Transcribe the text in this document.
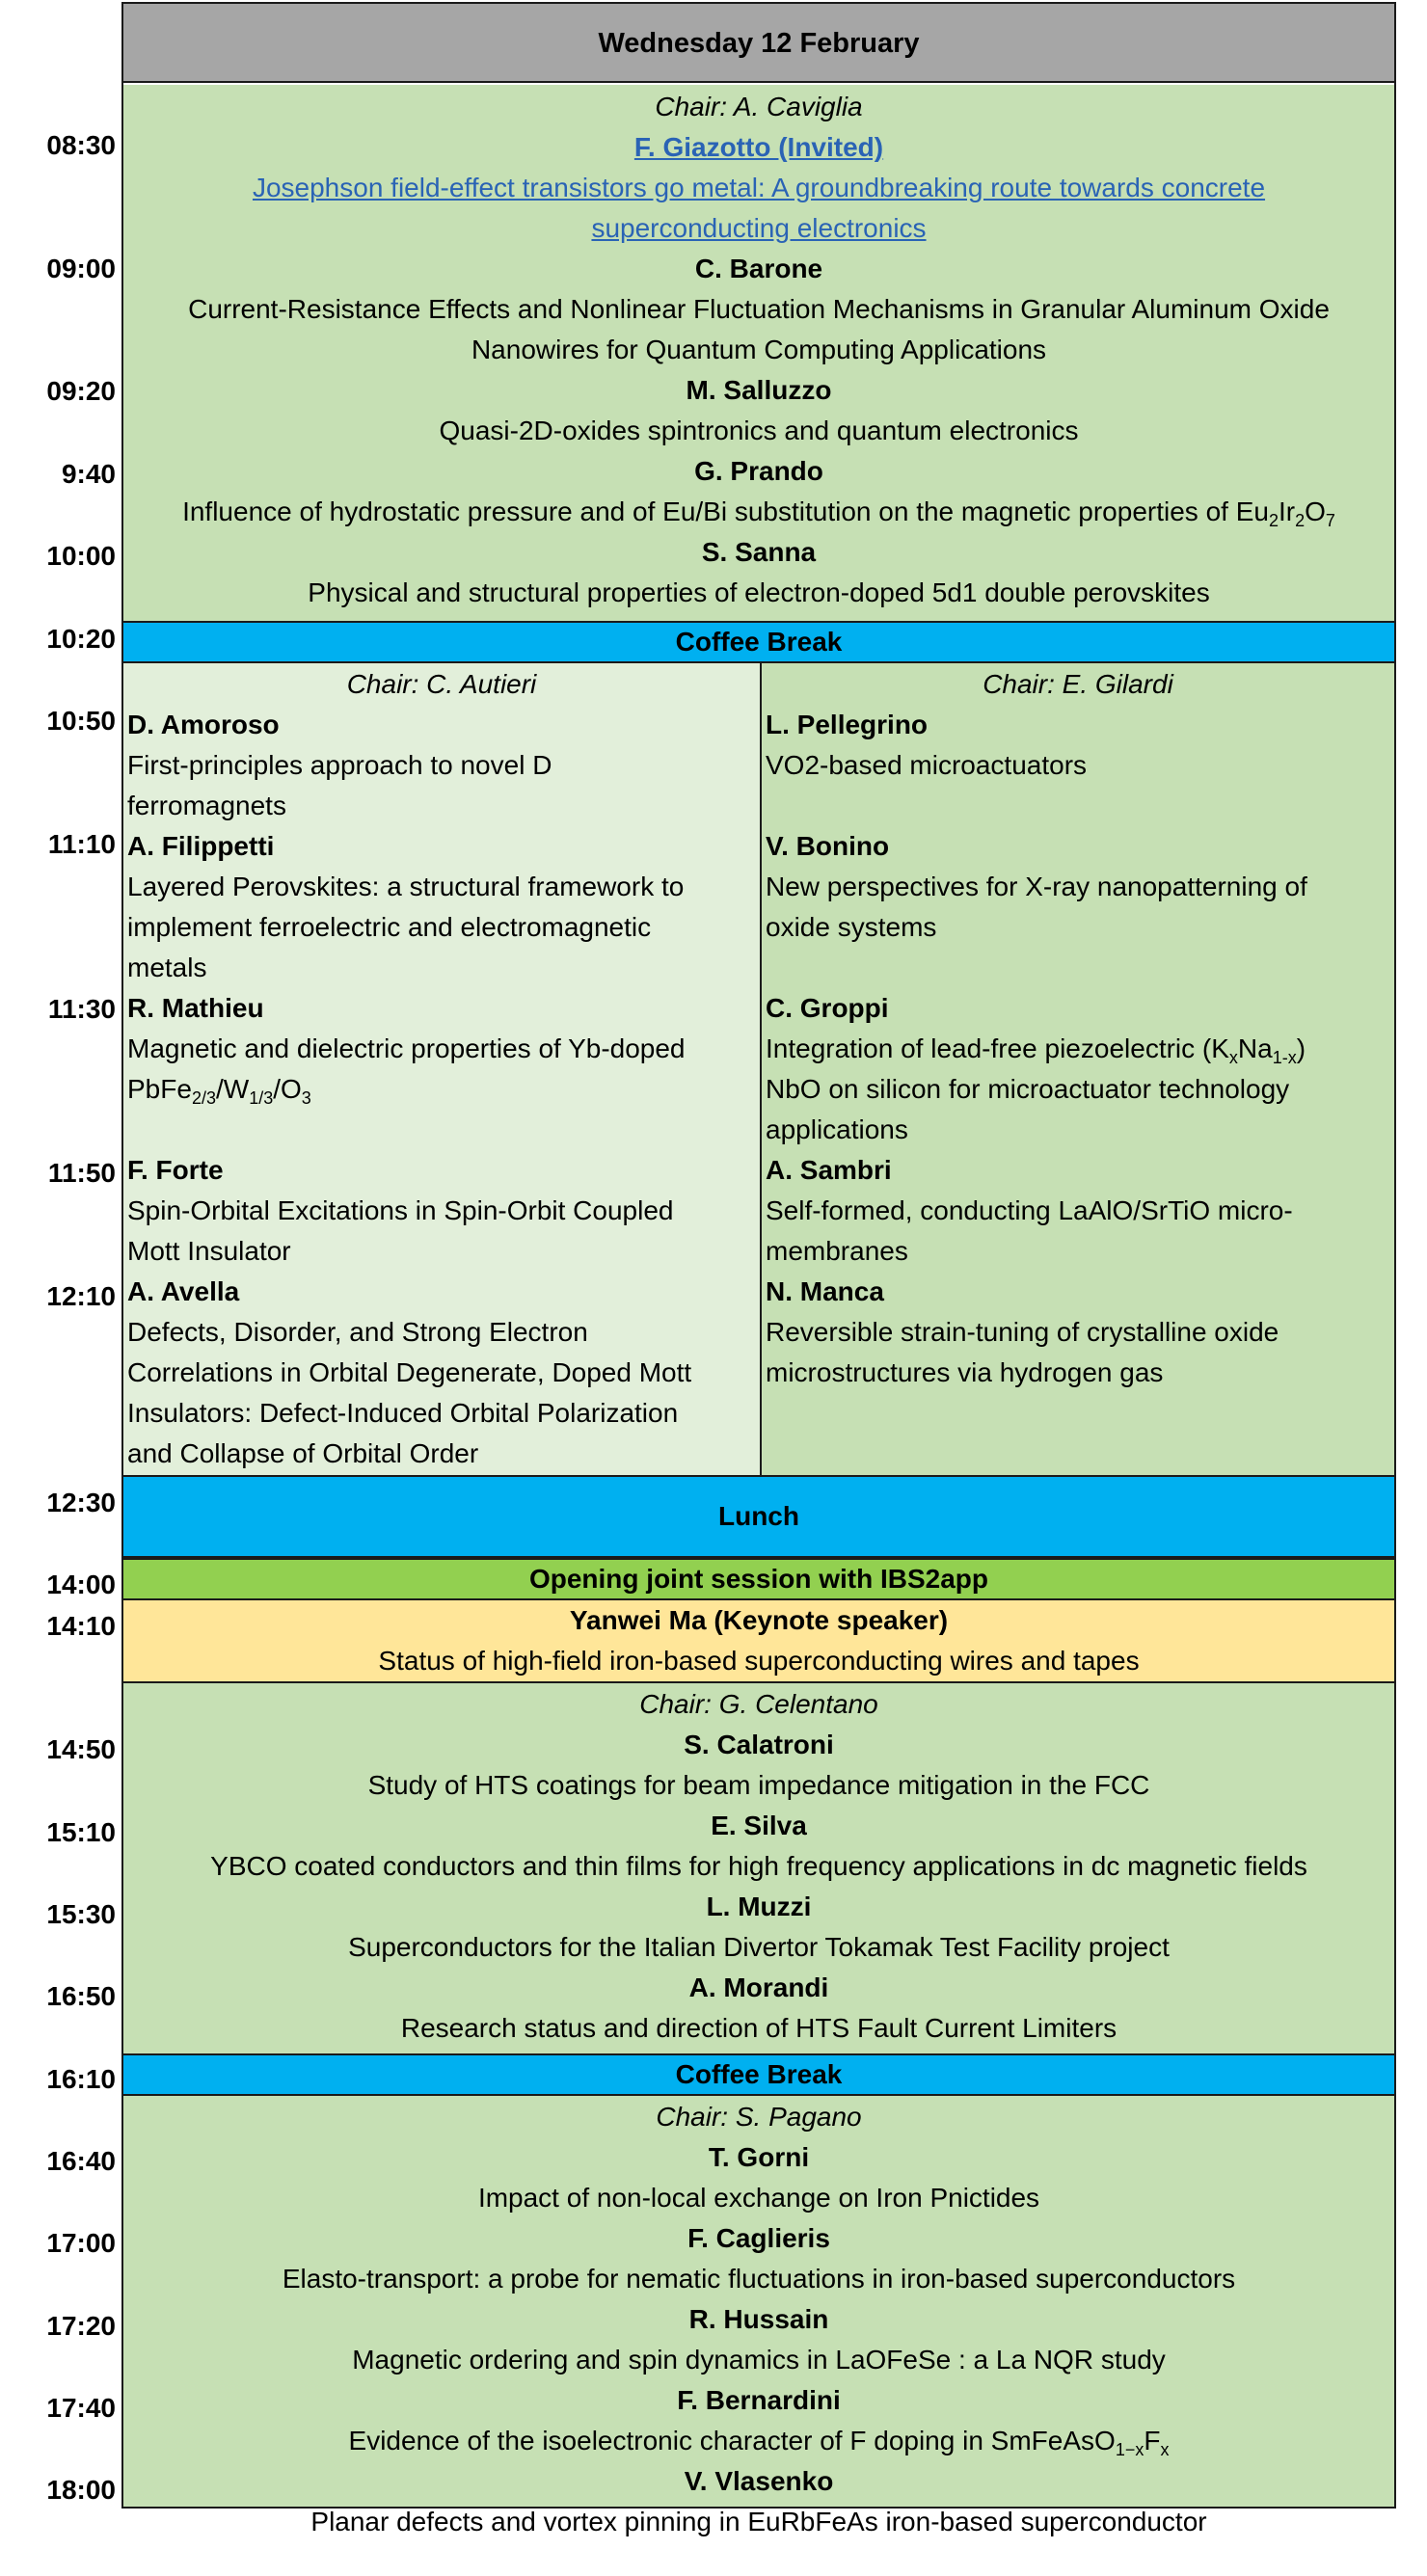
08:30
09:00
09:20
9:40
10:00
10:20
10:50
11:10
11:30
11:50
12:10
12:30
14:00
14:10
14:50
15:10
15:30
16:50
16:10
16:40
17:00
17:20
17:40
18:00
Wednesday 12 February
Chair: A. Caviglia
F. Giazotto (Invited)
Josephson field-effect transistors go metal: A groundbreaking route towards concrete
superconducting electronics
C. Barone
Current-Resistance Effects and Nonlinear Fluctuation Mechanisms in Granular Aluminum Oxide
Nanowires for Quantum Computing Applications
M. Salluzzo
Quasi-2D-oxides spintronics and quantum electronics
G. Prando
Influence of hydrostatic pressure and of Eu/Bi substitution on the magnetic properties of $Eu_2Ir_2O_7$
S. Sanna
Physical and structural properties of electron-doped 5d1 double perovskites
Coffee Break
Chair: C. Autieri
D. Amoroso
First-principles approach to novel D
ferromagnets
A. Filippetti
Layered Perovskites: a structural framework to
implement ferroelectric and electromagnetic
metals
R. Mathieu
Magnetic and dielectric properties of Yb-doped
$PbFe_{2/3}/W_{1/3}/O_3$
F. Forte
Spin-Orbital Excitations in Spin-Orbit Coupled
Mott Insulator
A. Avella
Defects, Disorder, and Strong Electron
Correlations in Orbital Degenerate, Doped Mott
Insulators: Defect-Induced Orbital Polarization
and Collapse of Orbital Order
Chair: E. Gilardi
L. Pellegrino
VO2-based microactuators
V. Bonino
New perspectives for X-ray nanopatterning of
oxide systems
C. Groppi
Integration of lead-free piezoelectric $(K_xNa_{1-x})$
NbO on silicon for microactuator technology
applications
A. Sambri
Self-formed, conducting LaAlO/SrTiO micro-
membranes
N. Manca
Reversible strain-tuning of crystalline oxide
microstructures via hydrogen gas
Lunch
Opening joint session with IBS2app
Yanwei Ma (Keynote speaker)
Status of high-field iron-based superconducting wires and tapes
Chair: G. Celentano
S. Calatroni
Study of HTS coatings for beam impedance mitigation in the FCC
E. Silva
YBCO coated conductors and thin films for high frequency applications in dc magnetic fields
L. Muzzi
Superconductors for the Italian Divertor Tokamak Test Facility project
A. Morandi
Research status and direction of HTS Fault Current Limiters
Coffee Break
Chair: S. Pagano
T. Gorni
Impact of non-local exchange on Iron Pnictides
F. Caglieris
Elasto-transport: a probe for nematic fluctuations in iron-based superconductors
R. Hussain
Magnetic ordering and spin dynamics in LaOFeSe : a La NQR study
F. Bernardini
Evidence of the isoelectronic character of F doping in $SmFeAsO_{1-x}F_x$
V. Vlasenko
Planar defects and vortex pinning in EuRbFeAs iron-based superconductor
